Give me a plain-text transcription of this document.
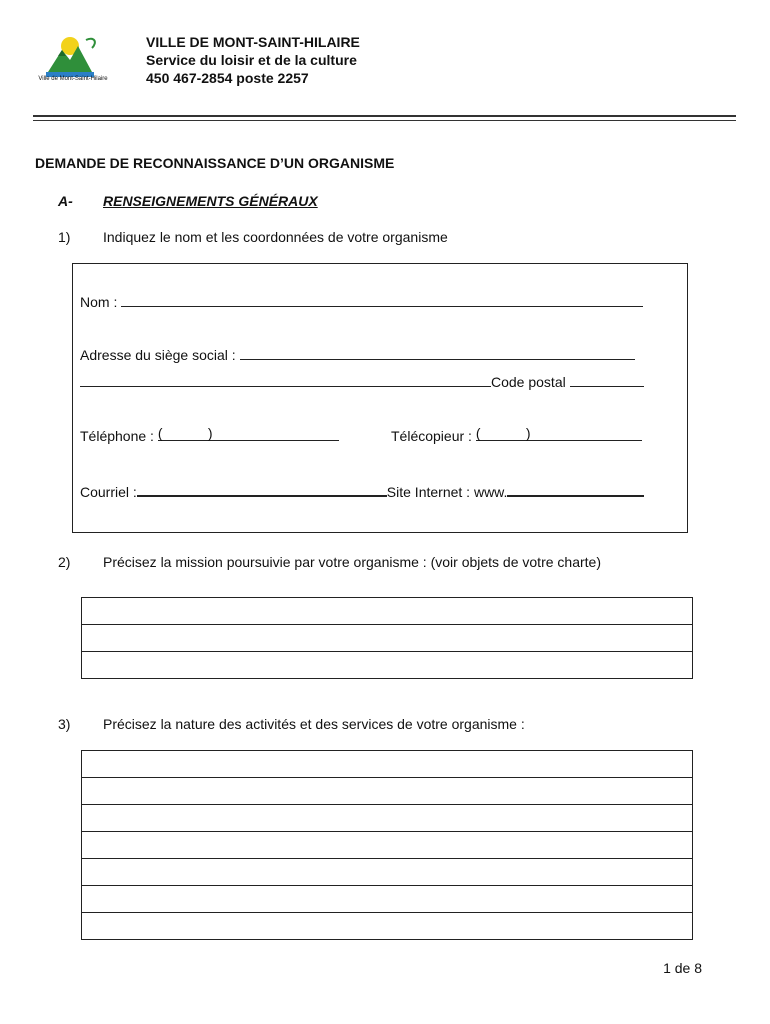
Ville de Mont-Saint-Hilaire
VILLE DE MONT-SAINT-HILAIRE
Service du loisir et de la culture
450 467-2854 poste 2257
DEMANDE DE RECONNAISSANCE D’UN ORGANISME
A- RENSEIGNEMENTS GÉNÉRAUX
1) Indiquez le nom et les coordonnées de votre organisme
Nom :
Adresse du siège social :
Code postal
Téléphone : (	)	Télécopieur : (	)
Courriel :	Site Internet : www.
2) Précisez la mission poursuivie par votre organisme : (voir objets de votre charte)

3) Précisez la nature des activités et des services de votre organisme :

1 de 8
